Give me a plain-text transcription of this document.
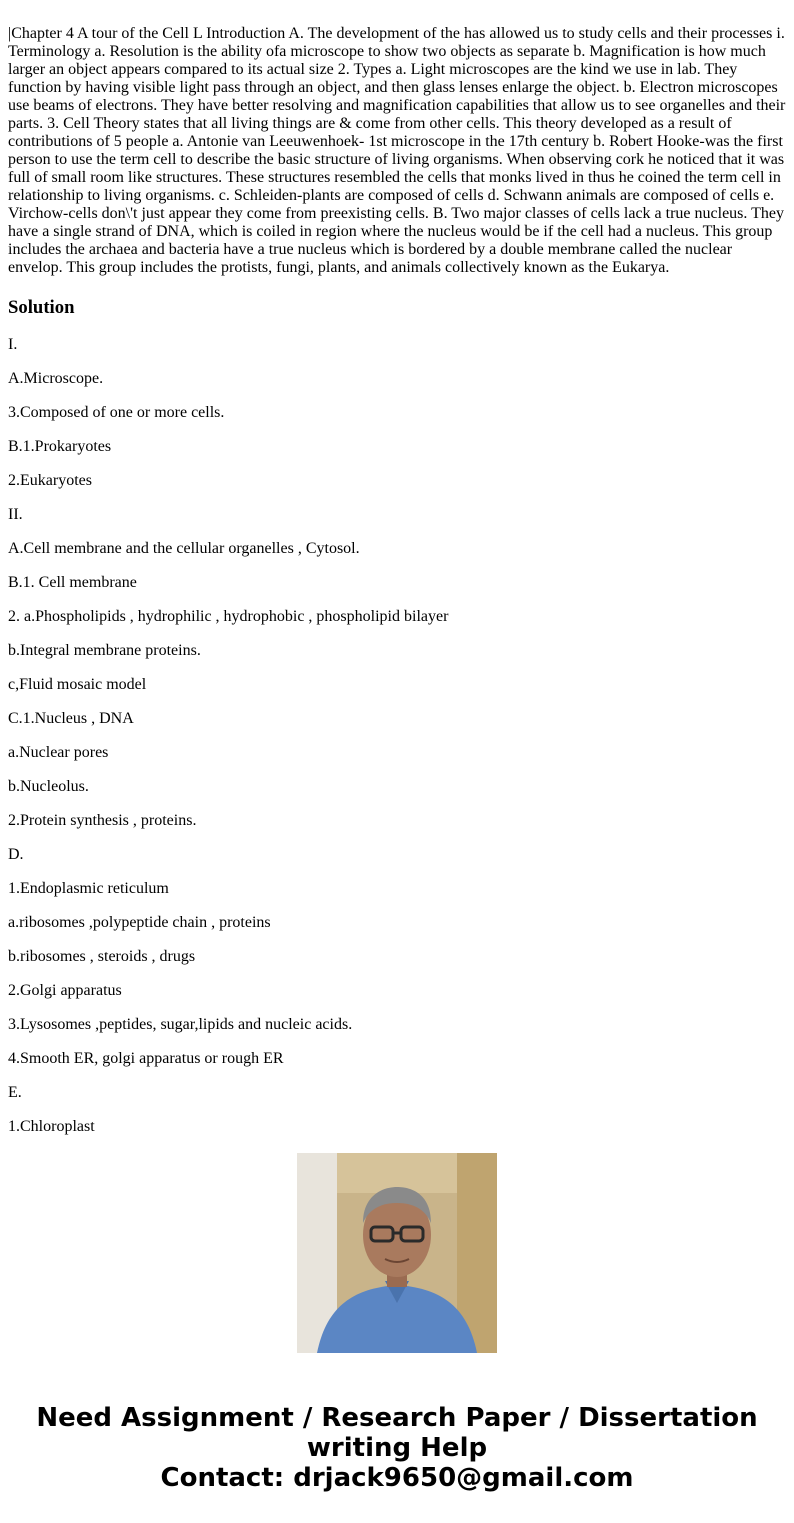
|Chapter 4 A tour of the Cell L Introduction A. The development of the has allowed us to study cells and their processes i. Terminology a. Resolution is the ability ofa microscope to show two objects as separate b. Magnification is how much larger an object appears compared to its actual size 2. Types a. Light microscopes are the kind we use in lab. They function by having visible light pass through an object, and then glass lenses enlarge the object. b. Electron microscopes use beams of electrons. They have better resolving and magnification capabilities that allow us to see organelles and their parts. 3. Cell Theory states that all living things are & come from other cells. This theory developed as a result of contributions of 5 people a. Antonie van Leeuwenhoek- 1st microscope in the 17th century b. Robert Hooke-was the first person to use the term cell to describe the basic structure of living organisms. When observing cork he noticed that it was full of small room like structures. These structures resembled the cells that monks lived in thus he coined the term cell in relationship to living organisms. c. Schleiden-plants are composed of cells d. Schwann animals are composed of cells e. Virchow-cells don\'t just appear they come from preexisting cells. B. Two major classes of cells lack a true nucleus. They have a single strand of DNA, which is coiled in region where the nucleus would be if the cell had a nucleus. This group includes the archaea and bacteria have a true nucleus which is bordered by a double membrane called the nuclear envelop. This group includes the protists, fungi, plants, and animals collectively known as the Eukarya.

Solution

I.

A.Microscope.

3.Composed of one or more cells.

B.1.Prokaryotes

2.Eukaryotes

II.

A.Cell membrane and the cellular organelles , Cytosol.

B.1. Cell membrane

2. a.Phospholipids , hydrophilic , hydrophobic , phospholipid bilayer

b.Integral membrane proteins.

c,Fluid mosaic model

C.1.Nucleus , DNA

a.Nuclear pores

b.Nucleolus.

2.Protein synthesis , proteins.

D.

1.Endoplasmic reticulum

a.ribosomes ,polypeptide chain , proteins

b.ribosomes , steroids , drugs

2.Golgi apparatus

3.Lysosomes ,peptides, sugar,lipids and nucleic acids.

4.Smooth ER, golgi apparatus or rough ER

E.

1.Chloroplast

Need Assignment / Research Paper / Dissertation
writing Help
Contact: drjack9650@gmail.com
